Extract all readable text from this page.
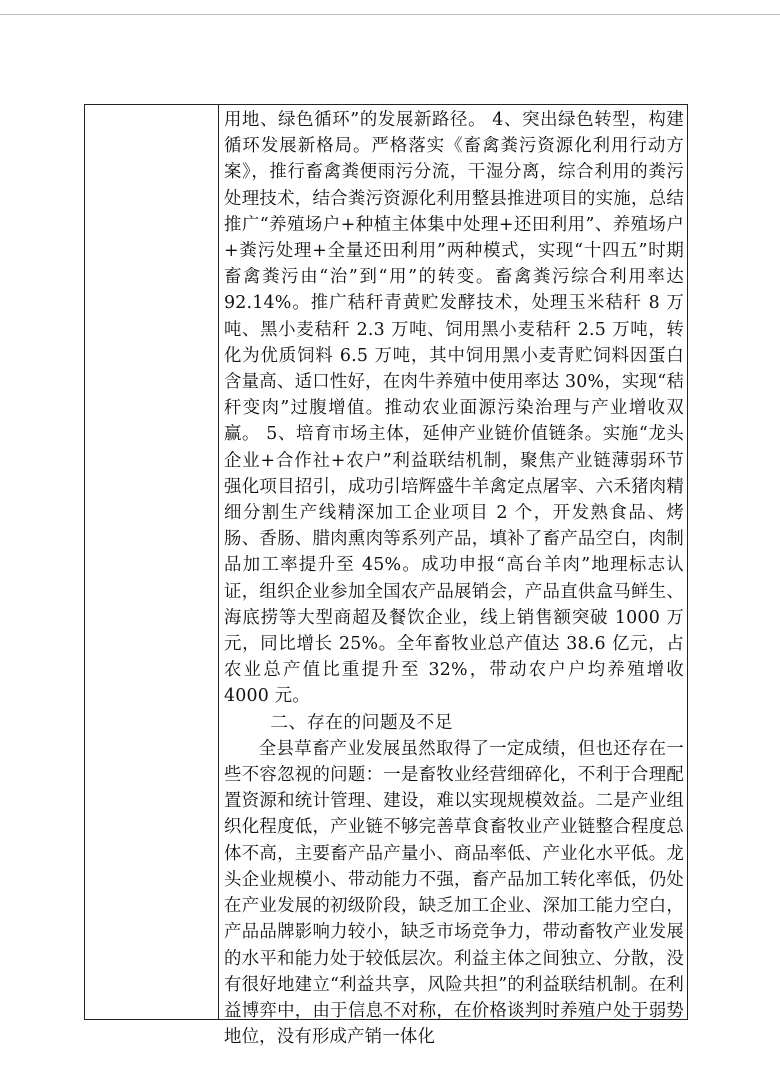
用地、绿色循环”的发展新路径。 4、突出绿色转型，构建循环发展新格局。严格落实《畜禽粪污资源化利用行动方案》，推行畜禽粪便雨污分流，干湿分离，综合利用的粪污处理技术，结合粪污资源化利用整县推进项目的实施，总结推广“养殖场户+种植主体集中处理+还田利用”、养殖场户+粪污处理+全量还田利用”两种模式，实现“十四五”时期畜禽粪污由“治”到“用”的转变。畜禽粪污综合利用率达 92.14%。推广秸秆青黄贮发酵技术，处理玉米秸秆 8 万吨、黑小麦秸秆 2.3 万吨、饲用黑小麦秸秆 2.5 万吨，转化为优质饲料 6.5 万吨，其中饲用黑小麦青贮饲料因蛋白含量高、适口性好，在肉牛养殖中使用率达 30%，实现“秸秆变肉”过腹增值。推动农业面源污染治理与产业增收双赢。 5、培育市场主体，延伸产业链价值链条。实施“龙头企业+合作社+农户”利益联结机制，聚焦产业链薄弱环节强化项目招引，成功引培辉盛牛羊禽定点屠宰、六禾猪肉精细分割生产线精深加工企业项目 2 个，开发熟食品、烤肠、香肠、腊肉熏肉等系列产品，填补了畜产品空白，肉制品加工率提升至 45%。成功申报“高台羊肉”地理标志认证，组织企业参加全国农产品展销会，产品直供盒马鲜生、海底捞等大型商超及餐饮企业，线上销售额突破 1000 万元，同比增长 25%。全年畜牧业总产值达 38.6 亿元，占农业总产值比重提升至 32%，带动农户户均养殖增收 4000 元。

二、存在的问题及不足

全县草畜产业发展虽然取得了一定成绩，但也还存在一些不容忽视的问题：一是畜牧业经营细碎化，不利于合理配置资源和统计管理、建设，难以实现规模效益。二是产业组织化程度低，产业链不够完善草食畜牧业产业链整合程度总体不高，主要畜产品产量小、商品率低、产业化水平低。龙头企业规模小、带动能力不强，畜产品加工转化率低，仍处在产业发展的初级阶段，缺乏加工企业、深加工能力空白，产品品牌影响力较小，缺乏市场竞争力，带动畜牧产业发展的水平和能力处于较低层次。利益主体之间独立、分散，没有很好地建立“利益共享，风险共担”的利益联结机制。在利益博弈中，由于信息不对称，在价格谈判时养殖户处于弱势地位，没有形成产销一体化
